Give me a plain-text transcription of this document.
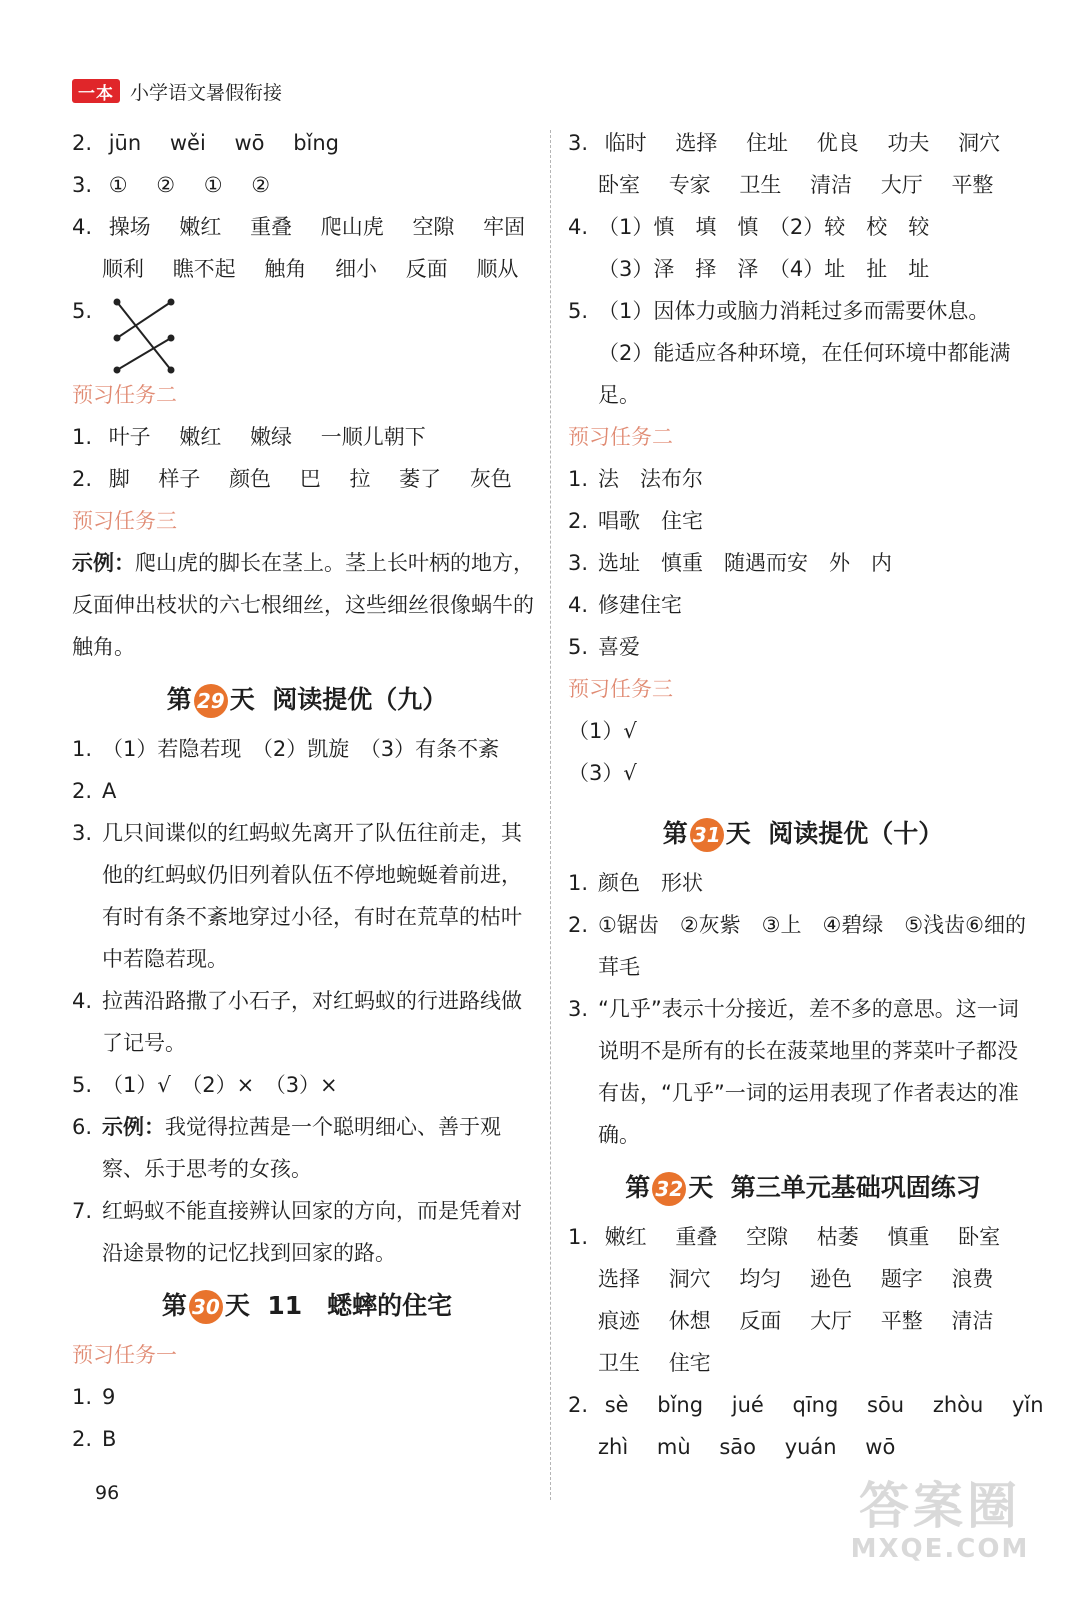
一本 小学语文暑假衔接
2. jūn wěi wō bǐng
3. ① ② ① ②
4. 操场 嫩红 重叠 爬山虎 空隙 牢固
顺利 瞧不起 触角 细小 反面 顺从
5.
预习任务二
1. 叶子 嫩红 嫩绿 一顺儿朝下
2. 脚 样子 颜色 巴 拉 萎了 灰色
预习任务三
示例：爬山虎的脚长在茎上。茎上长叶柄的地方，反面伸出枝状的六七根细丝，这些细丝很像蜗牛的触角。
第 29 天 阅读提优（九）
1. （1）若隐若现　（2）凯旋　（3）有条不紊
2. A
3. 几只间谍似的红蚂蚁先离开了队伍往前走，其他的红蚂蚁仍旧列着队伍不停地蜿蜒着前进，有时有条不紊地穿过小径，有时在荒草的枯叶中若隐若现。
4. 拉茜沿路撒了小石子，对红蚂蚁的行进路线做了记号。
5. （1）√　（2）×　（3）×
6. 示例：我觉得拉茜是一个聪明细心、善于观察、乐于思考的女孩。
7. 红蚂蚁不能直接辨认回家的方向，而是凭着对沿途景物的记忆找到回家的路。
第 30 天 11　蟋蟀的住宅
预习任务一
1. 9
2. B
3. 临时 选择 住址 优良 功夫 洞穴
卧室 专家 卫生 清洁 大厅 平整
4. （1）慎　填　慎　（2）较　校　较
（3）泽　择　泽　（4）址　扯　址
5. （1）因体力或脑力消耗过多而需要休息。
（2）能适应各种环境，在任何环境中都能满足。
预习任务二
1. 法　法布尔
2. 唱歌　住宅
3. 选址　慎重　随遇而安　外　内
4. 修建住宅
5. 喜爱
预习任务三
（1）√
（3）√
第 31 天 阅读提优（十）
1. 颜色　形状
2. ①锯齿　②灰紫　③上　④碧绿　⑤浅齿⑥细的茸毛
3. “几乎”表示十分接近，差不多的意思。这一词说明不是所有的长在菠菜地里的荠菜叶子都没有齿，“几乎”一词的运用表现了作者表达的准确。
第 32 天 第三单元基础巩固练习
1. 嫩红 重叠 空隙 枯萎 慎重 卧室
选择 洞穴 均匀 逊色 题字 浪费
痕迹 休想 反面 大厅 平整 清洁
卫生 住宅
2. sè bǐng jué qīng sōu zhòu yǐn
zhì mù sāo yuán wō
96	答案圈
MXQE.COM
